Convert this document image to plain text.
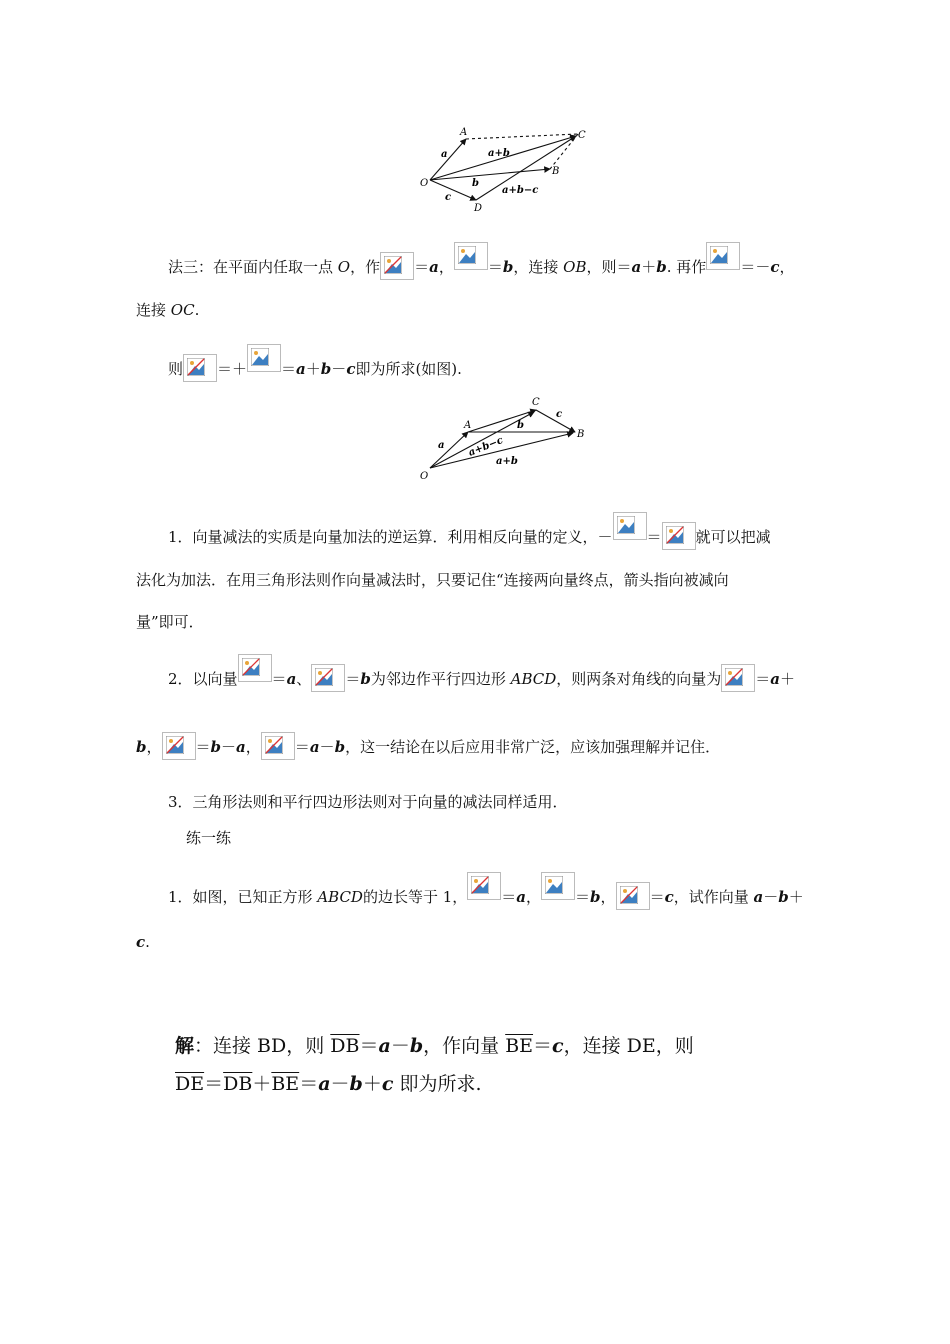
A	C
O
B
D
a	a+b
b
c
a+b−c
法三：在平面内任取一点 O，作 ＝a， ＝b，连接 OB，则＝a＋b. 再作 ＝－c，
连接 OC.
则 ＝＋ ＝a＋b－c即为所求(如图).
C
c
A	b
B
a a+b−c
a+b
O
1．向量减法的实质是向量加法的逆运算．利用相反向量的定义，－ ＝ 就可以把减
法化为加法．在用三角形法则作向量减法时，只要记住“连接两向量终点，箭头指向被减向
量”即可．
2．以向量 ＝a、 ＝b为邻边作平行四边形 ABCD，则两条对角线的向量为 ＝a＋
b， ＝b－a， ＝a－b，这一结论在以后应用非常广泛，应该加强理解并记住．
3．三角形法则和平行四边形法则对于向量的减法同样适用．
练一练
1．如图，已知正方形 ABCD的边长等于 1， ＝a， ＝b， ＝c，试作向量 a－b＋
c.
解：连接 BD，则 $\overline{DB}=a-b$，作向量 $\overline{BE}=c$，连接 DE，则
$\overline{DE}=\overline{DB}+\overline{BE}=a-b+c$ 即为所求.
